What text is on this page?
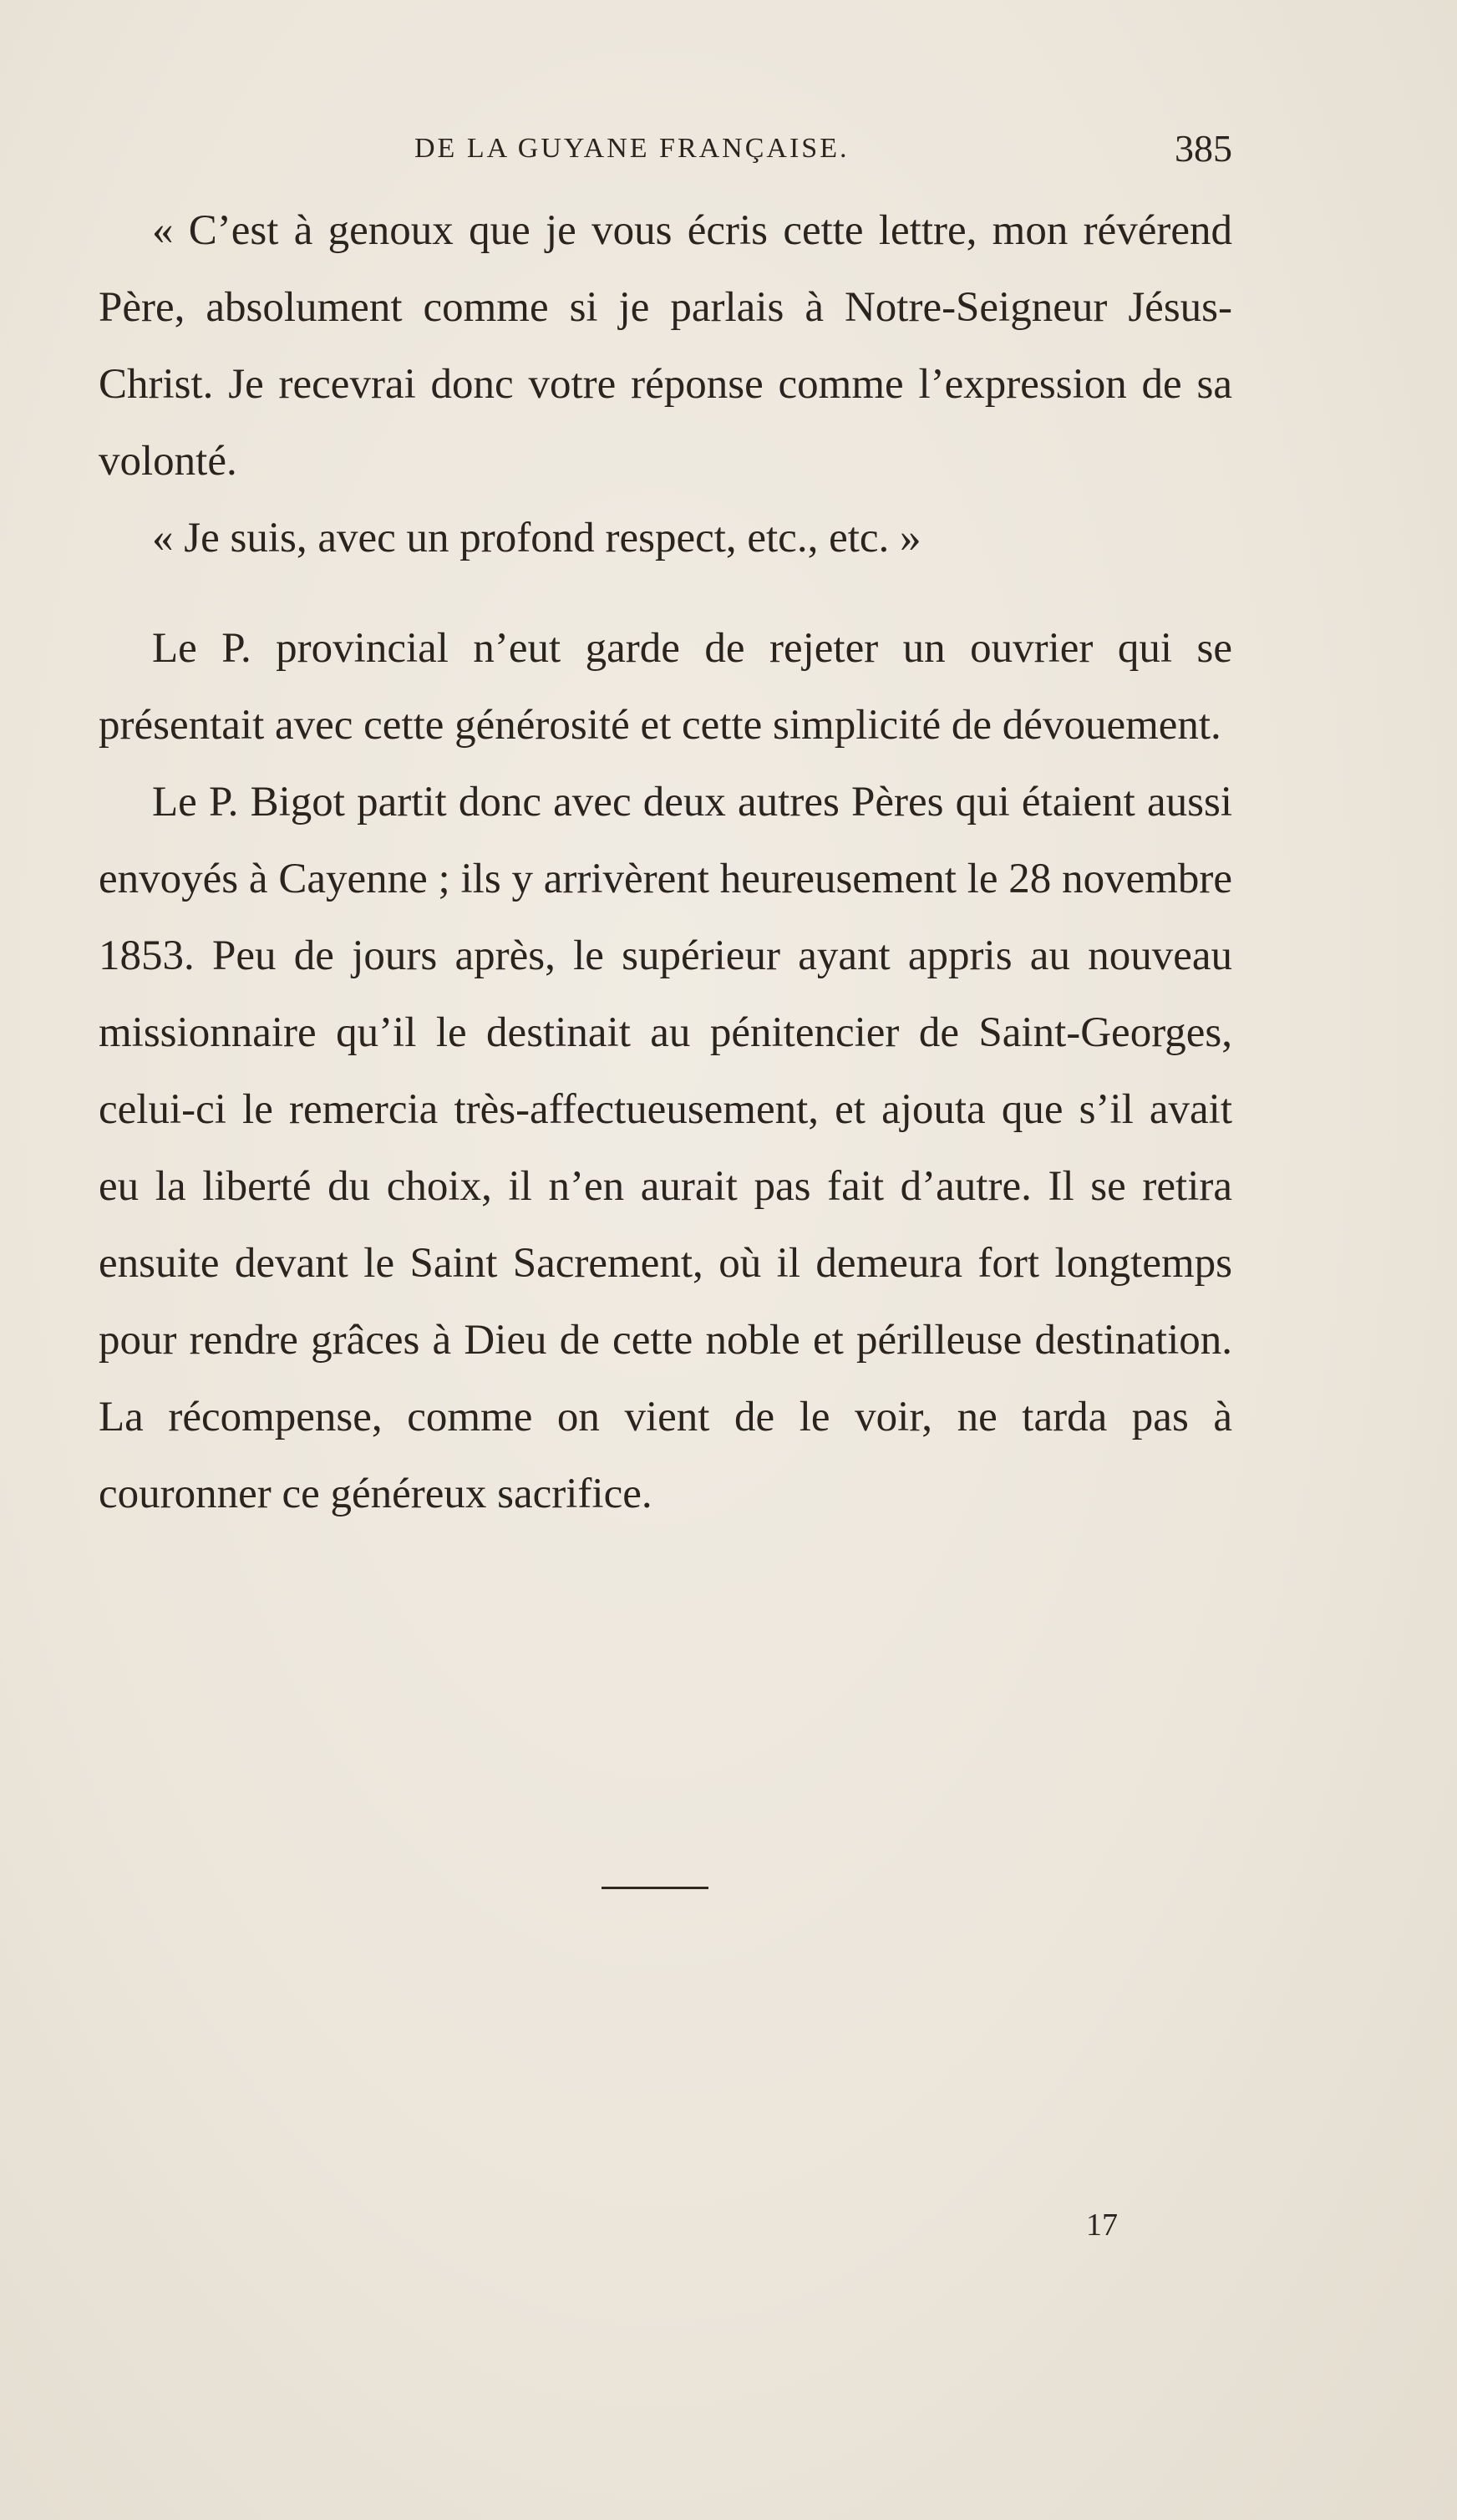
DE LA GUYANE FRANÇAISE.	385

« C’est à genoux que je vous écris cette lettre, mon révérend Père, absolument comme si je parlais à Notre-Seigneur Jésus-Christ. Je recevrai donc votre réponse comme l’expression de sa volonté.

« Je suis, avec un profond respect, etc., etc. »

Le P. provincial n’eut garde de rejeter un ouvrier qui se présentait avec cette générosité et cette simplicité de dévouement.

Le P. Bigot partit donc avec deux autres Pères qui étaient aussi envoyés à Cayenne ; ils y arrivèrent heureusement le 28 novembre 1853. Peu de jours après, le supérieur ayant appris au nouveau missionnaire qu’il le destinait au pénitencier de Saint-Georges, celui-ci le remercia très-affectueusement, et ajouta que s’il avait eu la liberté du choix, il n’en aurait pas fait d’autre. Il se retira ensuite devant le Saint Sacrement, où il demeura fort longtemps pour rendre grâces à Dieu de cette noble et périlleuse destination. La récompense, comme on vient de le voir, ne tarda pas à couronner ce généreux sacrifice.

17
